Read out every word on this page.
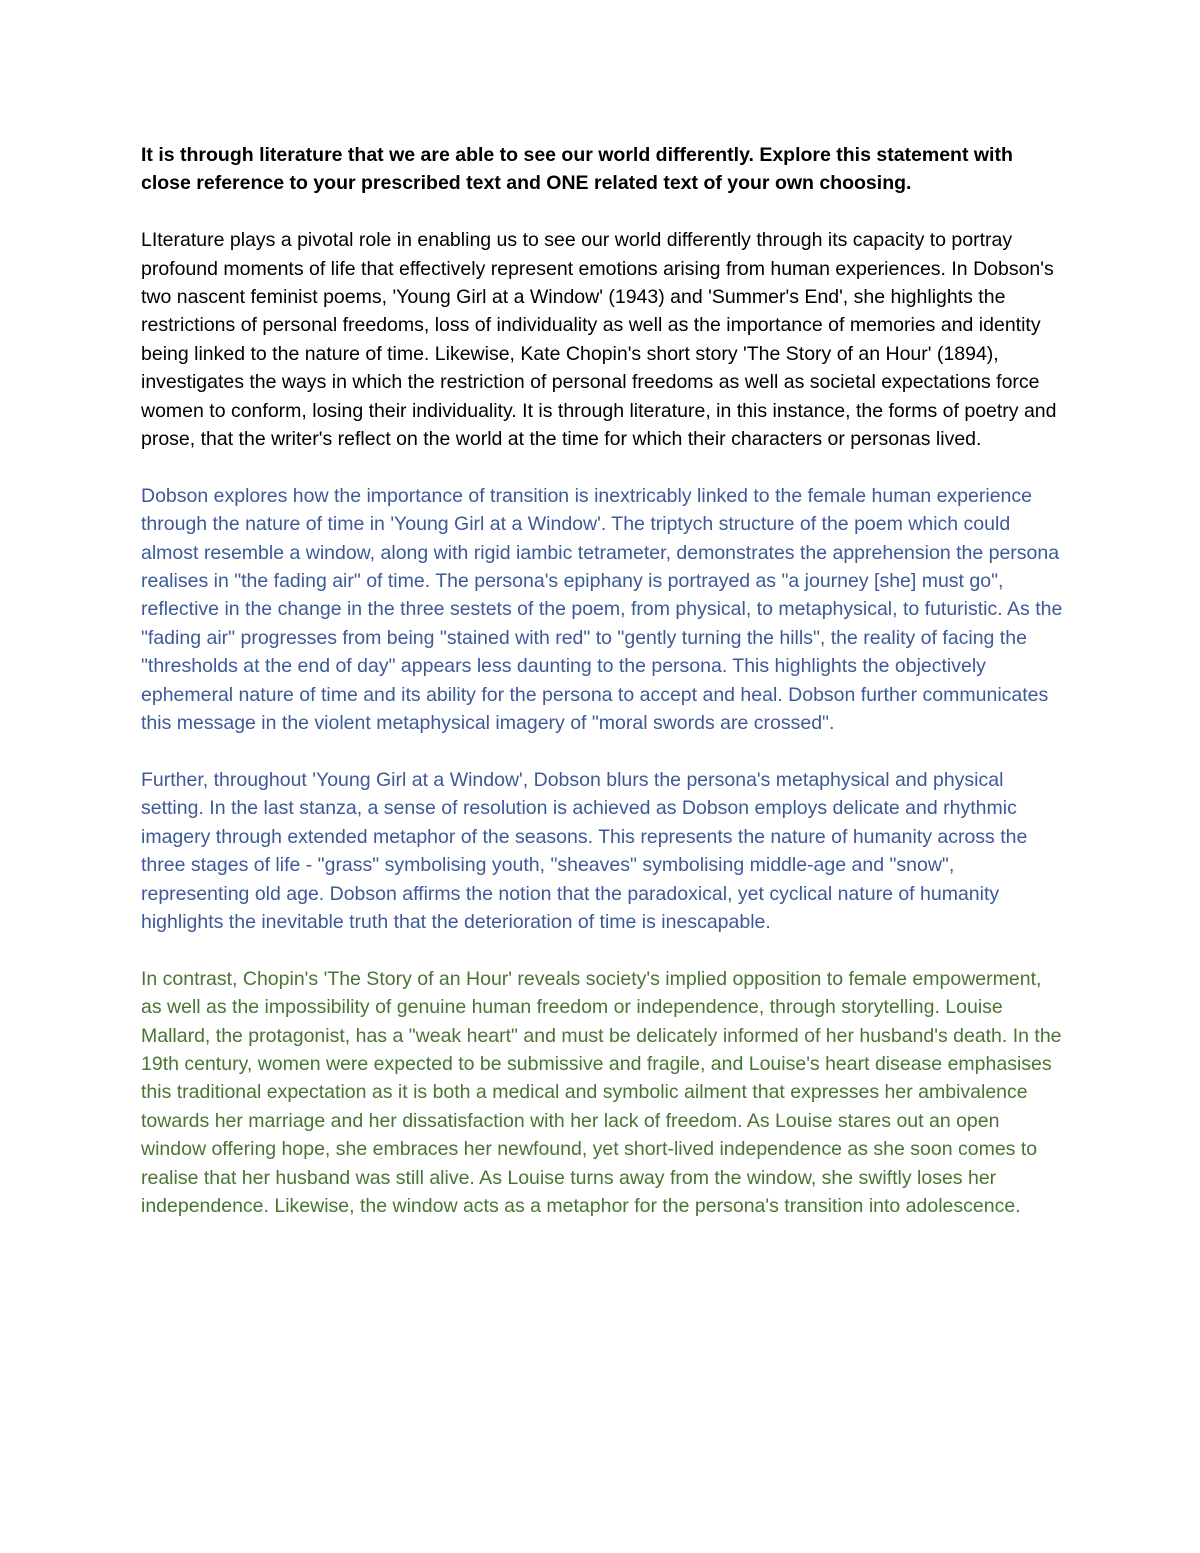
It is through literature that we are able to see our world differently. Explore this statement with close reference to your prescribed text and ONE related text of your own choosing.

LIterature plays a pivotal role in enabling us to see our world differently through its capacity to portray profound moments of life that effectively represent emotions arising from human experiences. In Dobson's two nascent feminist poems, 'Young Girl at a Window' (1943) and 'Summer's End', she highlights the restrictions of personal freedoms, loss of individuality as well as the importance of memories and identity being linked to the nature of time. Likewise, Kate Chopin's short story 'The Story of an Hour' (1894), investigates the ways in which the restriction of personal freedoms as well as societal expectations force women to conform, losing their individuality. It is through literature, in this instance, the forms of poetry and prose, that the writer's reflect on the world at the time for which their characters or personas lived.

Dobson explores how the importance of transition is inextricably linked to the female human experience through the nature of time in 'Young Girl at a Window'. The triptych structure of the poem which could almost resemble a window, along with rigid iambic tetrameter, demonstrates the apprehension the persona realises in "the fading air" of time. The persona's epiphany is portrayed as "a journey [she] must go", reflective in the change in the three sestets of the poem, from physical, to metaphysical, to futuristic. As the "fading air" progresses from being "stained with red" to "gently turning the hills", the reality of facing the "thresholds at the end of day" appears less daunting to the persona. This highlights the objectively ephemeral nature of time and its ability for the persona to accept and heal. Dobson further communicates this message in the violent metaphysical imagery of "moral swords are crossed".

Further, throughout 'Young Girl at a Window', Dobson blurs the persona's metaphysical and physical setting. In the last stanza, a sense of resolution is achieved as Dobson employs delicate and rhythmic imagery through extended metaphor of the seasons. This represents the nature of humanity across the three stages of life - "grass" symbolising youth, "sheaves" symbolising middle-age and "snow", representing old age. Dobson affirms the notion that the paradoxical, yet cyclical nature of humanity highlights the inevitable truth that the deterioration of time is inescapable.

In contrast, Chopin's 'The Story of an Hour' reveals society's implied opposition to female empowerment, as well as the impossibility of genuine human freedom or independence, through storytelling. Louise Mallard, the protagonist, has a "weak heart" and must be delicately informed of her husband's death. In the 19th century, women were expected to be submissive and fragile, and Louise's heart disease emphasises this traditional expectation as it is both a medical and symbolic ailment that expresses her ambivalence towards her marriage and her dissatisfaction with her lack of freedom. As Louise stares out an open window offering hope, she embraces her newfound, yet short-lived independence as she soon comes to realise that her husband was still alive. As Louise turns away from the window, she swiftly loses her independence. Likewise, the window acts as a metaphor for the persona's transition into adolescence.
